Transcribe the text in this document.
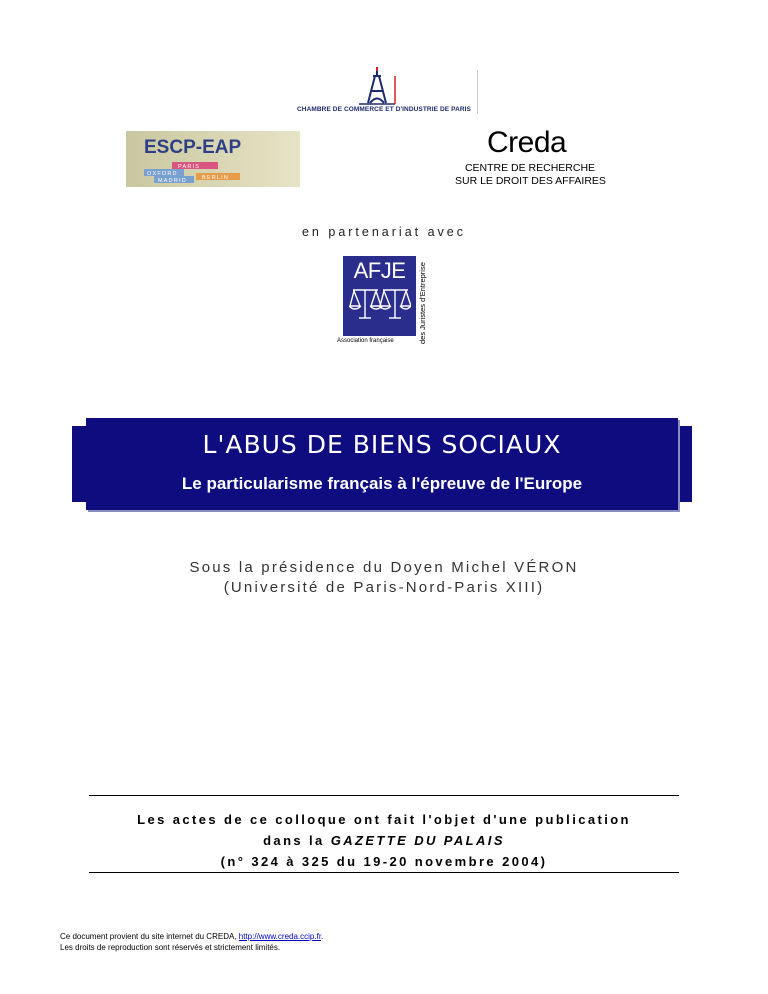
CHAMBRE DE COMMERCE ET D'INDUSTRIE DE PARIS
ESCP-EAP
PARIS
OXFORD
MADRID	BERLIN
Creda
CENTRE DE RECHERCHE
SUR LE DROIT DES AFFAIRES
en partenariat avec
AFJE
Association française	des Juristes d'Entreprise
L'ABUS DE BIENS SOCIAUX
Le particularisme français à l'épreuve de l'Europe
Sous la présidence du Doyen Michel VÉRON
(Université de Paris-Nord-Paris XIII)
Les actes de ce colloque ont fait l'objet d'une publication
dans la GAZETTE DU PALAIS
(n° 324 à 325 du 19-20 novembre 2004)
Ce document provient du site internet du CREDA, http://www.creda.ccip.fr.
Les droits de reproduction sont réservés et strictement limités.
